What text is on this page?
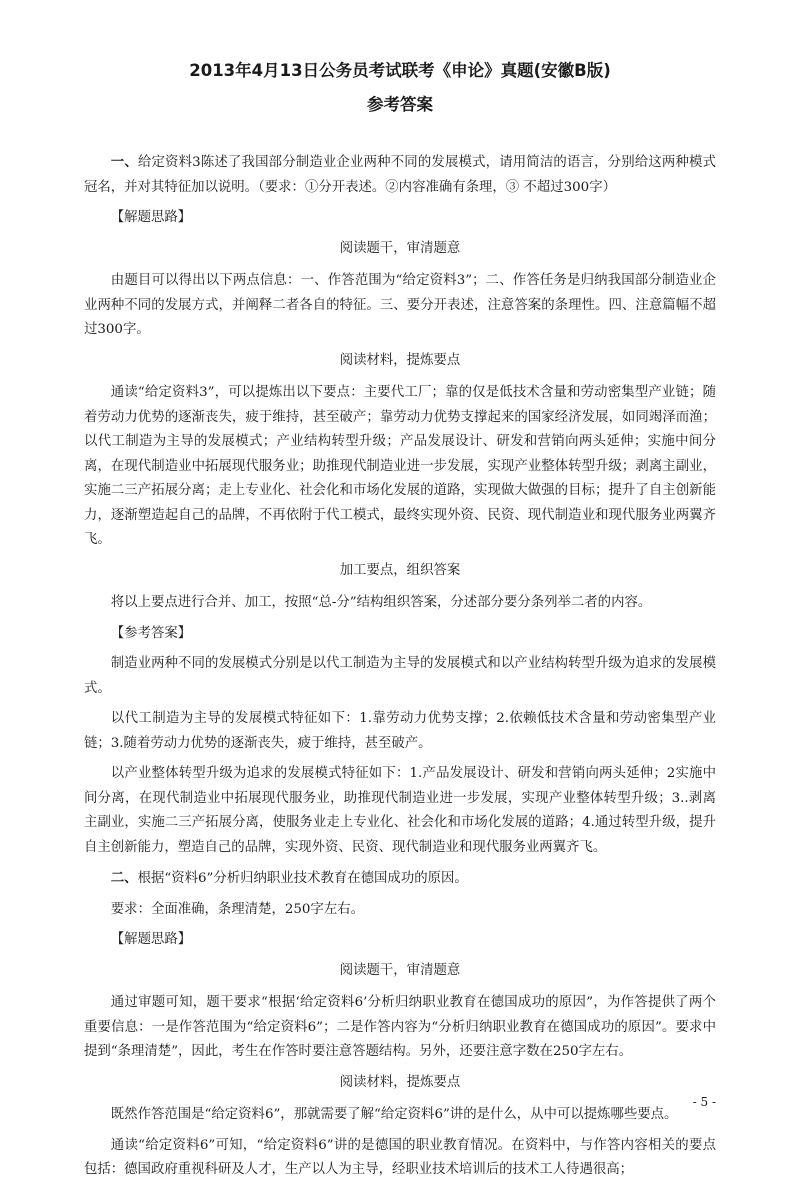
2013年4月13日公务员考试联考《申论》真题(安徽B版)
参考答案

一、给定资料3陈述了我国部分制造业企业两种不同的发展模式，请用简洁的语言，分别给这两种模式冠名，并对其特征加以说明。（要求：①分开表述。②内容准确有条理，③ 不超过300字）

【解题思路】
阅读题干，审清题意

由题目可以得出以下两点信息：一、作答范围为“给定资料3”；二、作答任务是归纳我国部分制造业企业两种不同的发展方式，并阐释二者各自的特征。三、要分开表述，注意答案的条理性。四、注意篇幅不超过300字。

阅读材料，提炼要点

通读“给定资料3”，可以提炼出以下要点：主要代工厂；靠的仅是低技术含量和劳动密集型产业链；随着劳动力优势的逐渐丧失，疲于维持，甚至破产；靠劳动力优势支撑起来的国家经济发展，如同竭泽而渔；以代工制造为主导的发展模式；产业结构转型升级；产品发展设计、研发和营销向两头延伸；实施中间分离，在现代制造业中拓展现代服务业；助推现代制造业进一步发展，实现产业整体转型升级；剥离主副业，实施二三产拓展分离；走上专业化、社会化和市场化发展的道路，实现做大做强的目标；提升了自主创新能力，逐渐塑造起自己的品牌，不再依附于代工模式，最终实现外资、民资、现代制造业和现代服务业两翼齐飞。

加工要点，组织答案

将以上要点进行合并、加工，按照“总-分”结构组织答案，分述部分要分条列举二者的内容。

【参考答案】

制造业两种不同的发展模式分别是以代工制造为主导的发展模式和以产业结构转型升级为追求的发展模式。

以代工制造为主导的发展模式特征如下：1.靠劳动力优势支撑；2.依赖低技术含量和劳动密集型产业链；3.随着劳动力优势的逐渐丧失，疲于维持，甚至破产。

以产业整体转型升级为追求的发展模式特征如下：1.产品发展设计、研发和营销向两头延伸；2实施中间分离，在现代制造业中拓展现代服务业，助推现代制造业进一步发展，实现产业整体转型升级；3..剥离主副业，实施二三产拓展分离，使服务业走上专业化、社会化和市场化发展的道路；4.通过转型升级，提升自主创新能力，塑造自己的品牌，实现外资、民资、现代制造业和现代服务业两翼齐飞。

二、根据“资料6”分析归纳职业技术教育在德国成功的原因。

要求：全面准确，条理清楚，250字左右。

【解题思路】
阅读题干，审清题意

通过审题可知，题干要求“根据‘给定资料6’分析归纳职业教育在德国成功的原因”，为作答提供了两个重要信息：一是作答范围为“给定资料6”；二是作答内容为“分析归纳职业教育在德国成功的原因”。要求中提到“条理清楚”，因此，考生在作答时要注意答题结构。另外，还要注意字数在250字左右。

阅读材料，提炼要点

既然作答范围是“给定资料6”，那就需要了解“给定资料6”讲的是什么，从中可以提炼哪些要点。

通读“给定资料6”可知，“给定资料6”讲的是德国的职业教育情况。在资料中，与作答内容相关的要点包括：德国政府重视科研及人才，生产以人为主导，经职业技术培训后的技术工人待遇很高；

- 5 -
